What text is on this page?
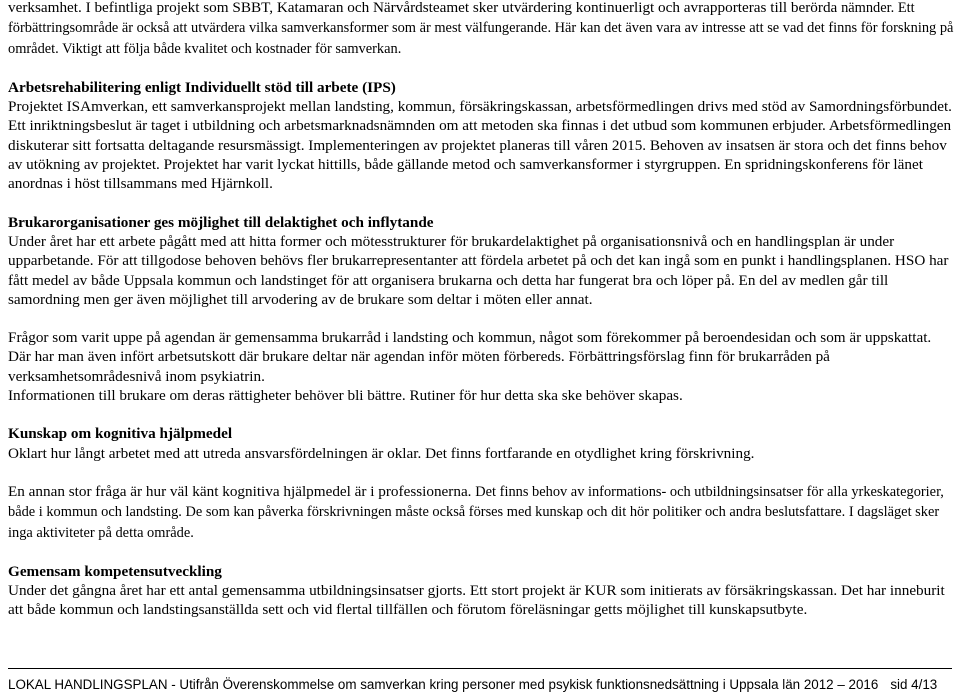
verksamhet. I befintliga projekt som SBBT, Katamaran och Närvårdsteamet sker utvärdering kontinuerligt och avrapporteras till berörda nämnder. Ett förbättringsområde är också att utvärdera vilka samverkansformer som är mest välfungerande. Här kan det även vara av intresse att se vad det finns för forskning på området. Viktigt att följa både kvalitet och kostnader för samverkan.

Arbetsrehabilitering enligt Individuellt stöd till arbete (IPS)

Projektet ISAmverkan, ett samverkansprojekt mellan landsting, kommun, försäkringskassan, arbetsförmedlingen drivs med stöd av Samordningsförbundet. Ett inriktningsbeslut är taget i utbildning och arbetsmarknadsnämnden om att metoden ska finnas i det utbud som kommunen erbjuder. Arbetsförmedlingen diskuterar sitt fortsatta deltagande resursmässigt. Implementeringen av projektet planeras till våren 2015. Behoven av insatsen är stora och det finns behov av utökning av projektet. Projektet har varit lyckat hittills, både gällande metod och samverkansformer i styrgruppen. En spridningskonferens för länet anordnas i höst tillsammans med Hjärnkoll.

Brukarorganisationer ges möjlighet till delaktighet och inflytande

Under året har ett arbete pågått med att hitta former och mötesstrukturer för brukardelaktighet på organisationsnivå och en handlingsplan är under upparbetande. För att tillgodose behoven behövs fler brukarrepresentanter att fördela arbetet på och det kan ingå som en punkt i handlingsplanen. HSO har fått medel av både Uppsala kommun och landstinget för att organisera brukarna och detta har fungerat bra och löper på. En del av medlen går till samordning men ger även möjlighet till arvodering av de brukare som deltar i möten eller annat.

Frågor som varit uppe på agendan är gemensamma brukarråd i landsting och kommun, något som förekommer på beroendesidan och som är uppskattat. Där har man även infört arbetsutskott där brukare deltar när agendan inför möten förbereds. Förbättringsförslag finn för brukarråden på verksamhetsområdesnivå inom psykiatrin.

Informationen till brukare om deras rättigheter behöver bli bättre. Rutiner för hur detta ska ske behöver skapas.

Kunskap om kognitiva hjälpmedel

Oklart hur långt arbetet med att utreda ansvarsfördelningen är oklar. Det finns fortfarande en otydlighet kring förskrivning.

En annan stor fråga är hur väl känt kognitiva hjälpmedel är i professionerna. Det finns behov av informations- och utbildningsinsatser för alla yrkeskategorier, både i kommun och landsting. De som kan påverka förskrivningen måste också förses med kunskap och dit hör politiker och andra beslutsfattare. I dagsläget sker inga aktiviteter på detta område.

Gemensam kompetensutveckling

Under det gångna året har ett antal gemensamma utbildningsinsatser gjorts. Ett stort projekt är KUR som initierats av försäkringskassan. Det har inneburit att både kommun och landstingsanställda sett och vid flertal tillfällen och förutom föreläsningar getts möjlighet till kunskapsutbyte.

LOKAL HANDLINGSPLAN - Utifrån Överenskommelse om samverkan kring personer med psykisk funktionsnedsättning i Uppsala län 2012 – 2016 sid 4/13
